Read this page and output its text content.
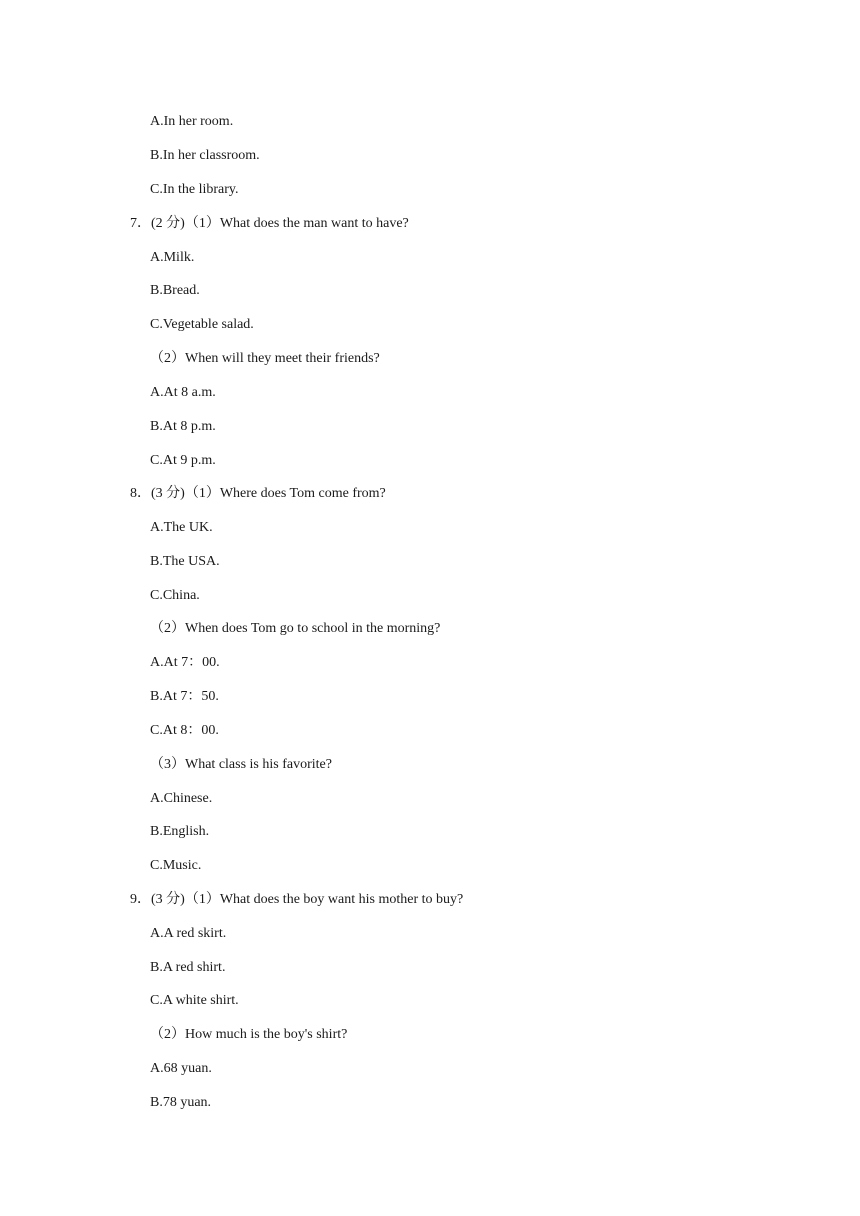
A.In her room.
B.In her classroom.
C.In the library.
7．(2 分)（1）What does the man want to have?
A.Milk.
B.Bread.
C.Vegetable salad.
（2）When will they meet their friends?
A.At 8 a.m.
B.At 8 p.m.
C.At 9 p.m.
8．(3 分)（1）Where does Tom come from?
A.The UK.
B.The USA.
C.China.
（2）When does Tom go to school in the morning?
A.At 7：00.
B.At 7：50.
C.At 8：00.
（3）What class is his favorite?
A.Chinese.
B.English.
C.Music.
9．(3 分)（1）What does the boy want his mother to buy?
A.A red skirt.
B.A red shirt.
C.A white shirt.
（2）How much is the boy's shirt?
A.68 yuan.
B.78 yuan.
